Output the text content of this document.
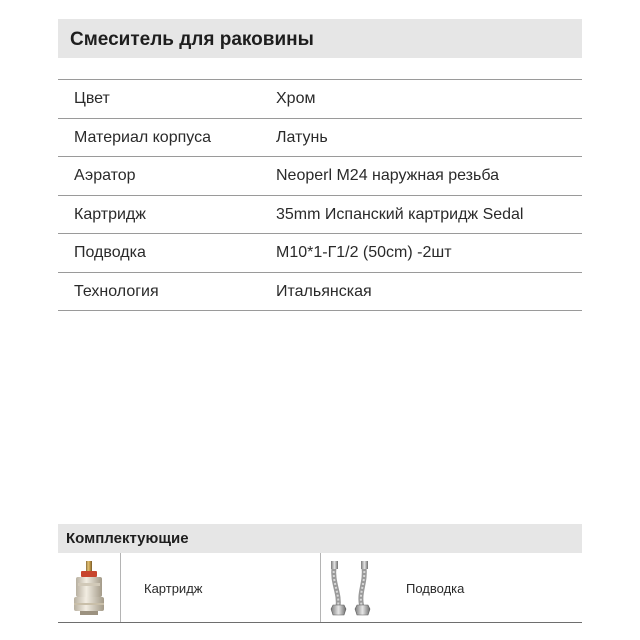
Смеситель для раковины
Цвет	Хром
Материал корпуса	Латунь
Аэратор	Neoperl M24 наружная резьба
Картридж	35mm Испанский картридж Sedal
Подводка	M10*1-Г1/2 (50cm) -2шт
Технология	Итальянская
Комплектующие
Картридж	Подводка
